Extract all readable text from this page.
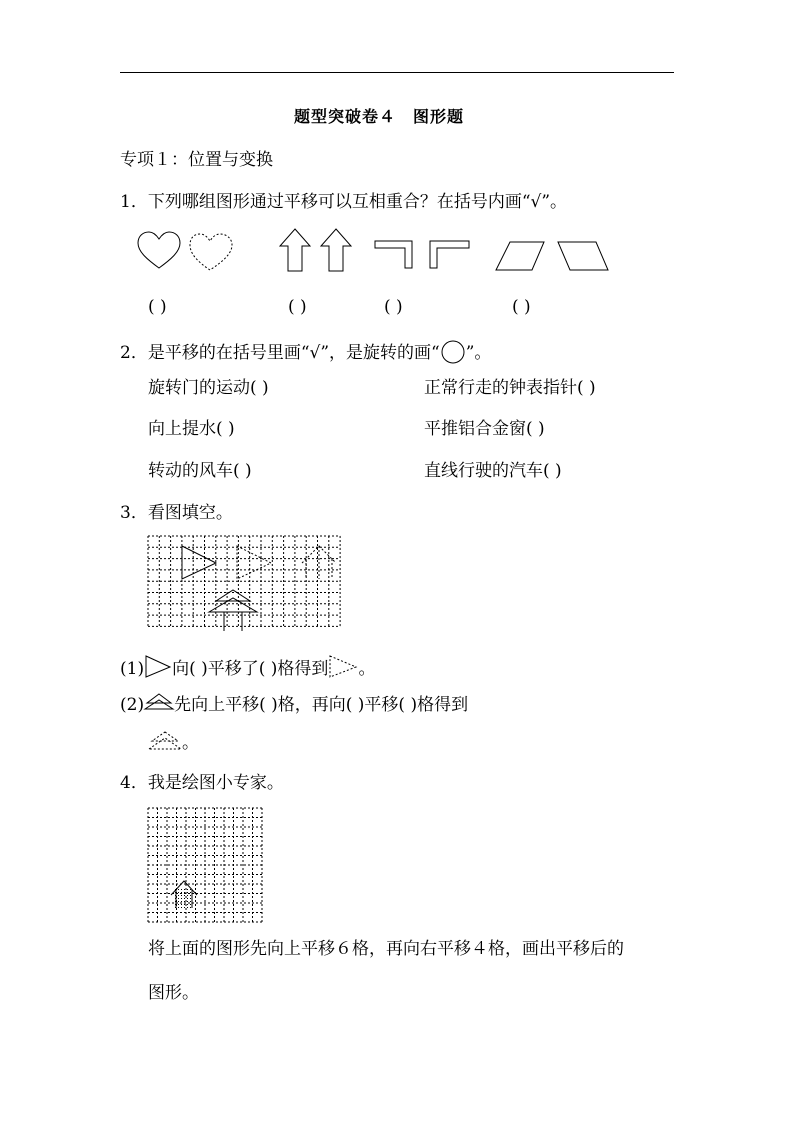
题型突破卷４　图形题
专项１：位置与变换
1．下列哪组图形通过平移可以互相重合？在括号内画“√”。
( )	( )	( )	( )
2．是平移的在括号里画“√”，是旋转的画“ ”。
旋转门的运动( )	正常行走的钟表指针( )
向上提水( )	平推铝合金窗( )
转动的风车( )	直线行驶的汽车( )
3．看图填空。
(1) 向( )平移了( )格得到 。
(2) 先向上平移( )格，再向( )平移( )格得到
。
4．我是绘图小专家。
将上面的图形先向上平移６格，再向右平移４格，画出平移后的
图形。
